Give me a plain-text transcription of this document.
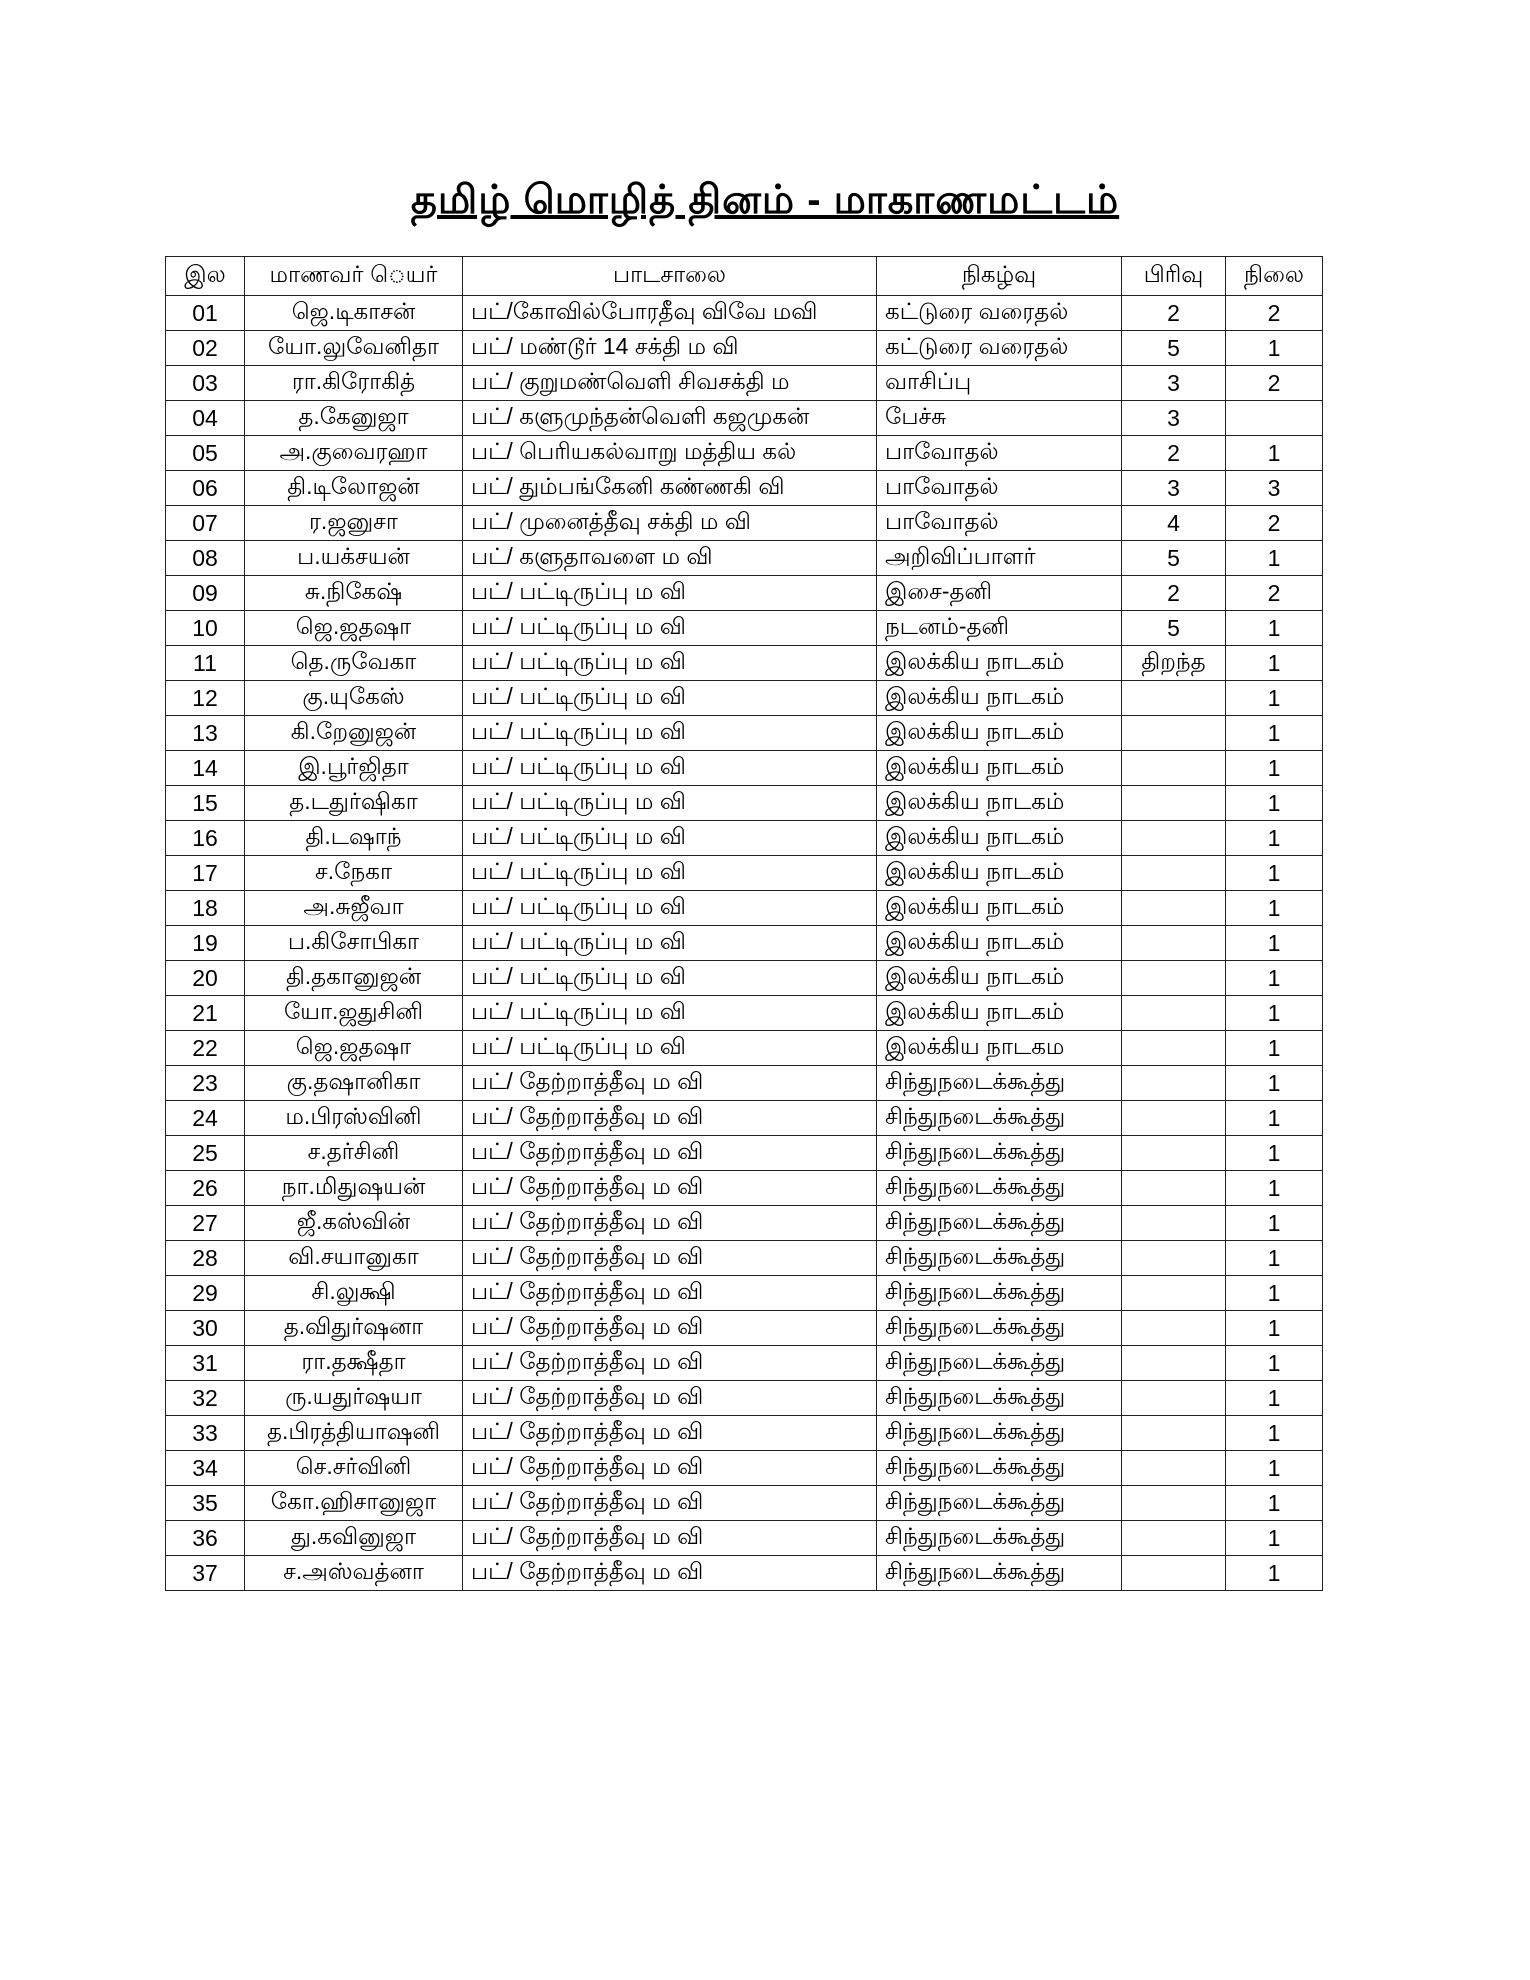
தமிழ் மொழித் தினம் - மாகாணமட்டம்
இல	மாணவர் ெயர்	பாடசாலை	நிகழ்வு	பிரிவு	நிலை
01	ஜெ.டிகாசன்	பட்/கோவில்போரதீவு விவே மவி	கட்டுரை வரைதல்	2	2
02	யோ.லுவேனிதா	பட்/ மண்டூர் 14 சக்தி ம வி	கட்டுரை வரைதல்	5	1
03	ரா.கிரோகித்	பட்/ குறுமண்வெளி சிவசக்தி ம	வாசிப்பு	3	2
04	த.கேனுஜா	பட்/ களுமுந்தன்வெளி கஜமுகன்	பேச்சு	3	
05	அ.குவைரஹா	பட்/ பெரியகல்வாறு மத்திய கல்	பாவோதல்	2	1
06	தி.டிலோஜன்	பட்/ தும்பங்கேனி கண்ணகி வி	பாவோதல்	3	3
07	ர.ஜனுசா	பட்/ முனைத்தீவு சக்தி ம வி	பாவோதல்	4	2
08	ப.யக்சயன்	பட்/ களுதாவளை ம வி	அறிவிப்பாளர்	5	1
09	சு.நிகேஷ்	பட்/ பட்டிருப்பு ம வி	இசை-தனி	2	2
10	ஜெ.ஜதஷா	பட்/ பட்டிருப்பு ம வி	நடனம்-தனி	5	1
11	தெ.ருவேகா	பட்/ பட்டிருப்பு ம வி	இலக்கிய நாடகம்	திறந்த	1
12	கு.யுகேஸ்	பட்/ பட்டிருப்பு ம வி	இலக்கிய நாடகம்		1
13	கி.றேனுஜன்	பட்/ பட்டிருப்பு ம வி	இலக்கிய நாடகம்		1
14	இ.பூர்ஜிதா	பட்/ பட்டிருப்பு ம வி	இலக்கிய நாடகம்		1
15	த.டதுர்ஷிகா	பட்/ பட்டிருப்பு ம வி	இலக்கிய நாடகம்		1
16	தி.டஷாந்	பட்/ பட்டிருப்பு ம வி	இலக்கிய நாடகம்		1
17	ச.நேகா	பட்/ பட்டிருப்பு ம வி	இலக்கிய நாடகம்		1
18	அ.சுஜீவா	பட்/ பட்டிருப்பு ம வி	இலக்கிய நாடகம்		1
19	ப.கிசோபிகா	பட்/ பட்டிருப்பு ம வி	இலக்கிய நாடகம்		1
20	தி.தகானுஜன்	பட்/ பட்டிருப்பு ம வி	இலக்கிய நாடகம்		1
21	யோ.ஜதுசினி	பட்/ பட்டிருப்பு ம வி	இலக்கிய நாடகம்		1
22	ஜெ.ஜதஷா	பட்/ பட்டிருப்பு ம வி	இலக்கிய நாடகம		1
23	கு.தஷானிகா	பட்/ தேற்றாத்தீவு ம வி	சிந்துநடைக்கூத்து		1
24	ம.பிரஸ்வினி	பட்/ தேற்றாத்தீவு ம வி	சிந்துநடைக்கூத்து		1
25	ச.தர்சினி	பட்/ தேற்றாத்தீவு ம வி	சிந்துநடைக்கூத்து		1
26	நா.மிதுஷயன்	பட்/ தேற்றாத்தீவு ம வி	சிந்துநடைக்கூத்து		1
27	ஜீ.கஸ்வின்	பட்/ தேற்றாத்தீவு ம வி	சிந்துநடைக்கூத்து		1
28	வி.சயானுகா	பட்/ தேற்றாத்தீவு ம வி	சிந்துநடைக்கூத்து		1
29	சி.லுக்ஷி	பட்/ தேற்றாத்தீவு ம வி	சிந்துநடைக்கூத்து		1
30	த.விதுர்ஷனா	பட்/ தேற்றாத்தீவு ம வி	சிந்துநடைக்கூத்து		1
31	ரா.தக்ஷீதா	பட்/ தேற்றாத்தீவு ம வி	சிந்துநடைக்கூத்து		1
32	ரு.யதுர்ஷயா	பட்/ தேற்றாத்தீவு ம வி	சிந்துநடைக்கூத்து		1
33	த.பிரத்தியாஷனி	பட்/ தேற்றாத்தீவு ம வி	சிந்துநடைக்கூத்து		1
34	செ.சர்வினி	பட்/ தேற்றாத்தீவு ம வி	சிந்துநடைக்கூத்து		1
35	கோ.ஹிசானுஜா	பட்/ தேற்றாத்தீவு ம வி	சிந்துநடைக்கூத்து		1
36	து.கவினுஜா	பட்/ தேற்றாத்தீவு ம வி	சிந்துநடைக்கூத்து		1
37	ச.அஸ்வத்னா	பட்/ தேற்றாத்தீவு ம வி	சிந்துநடைக்கூத்து		1
